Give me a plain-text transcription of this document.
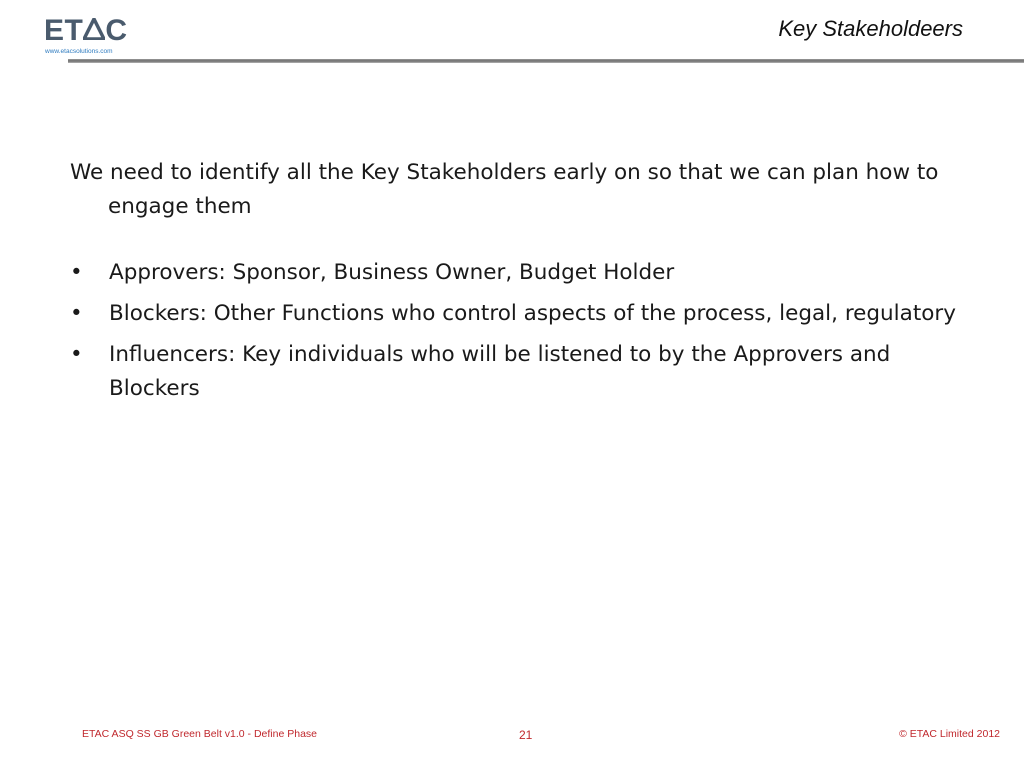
ET C
www.etacsolutions.com
Key Stakeholdeers

We need to identify all the Key Stakeholders early on so that we can plan how to engage them

• Approvers: Sponsor, Business Owner, Budget Holder
• Blockers: Other Functions who control aspects of the process, legal, regulatory
• Influencers: Key individuals who will be listened to by the Approvers and Blockers
ETAC ASQ SS GB Green Belt v1.0 - Define Phase	21	© ETAC Limited 2012
